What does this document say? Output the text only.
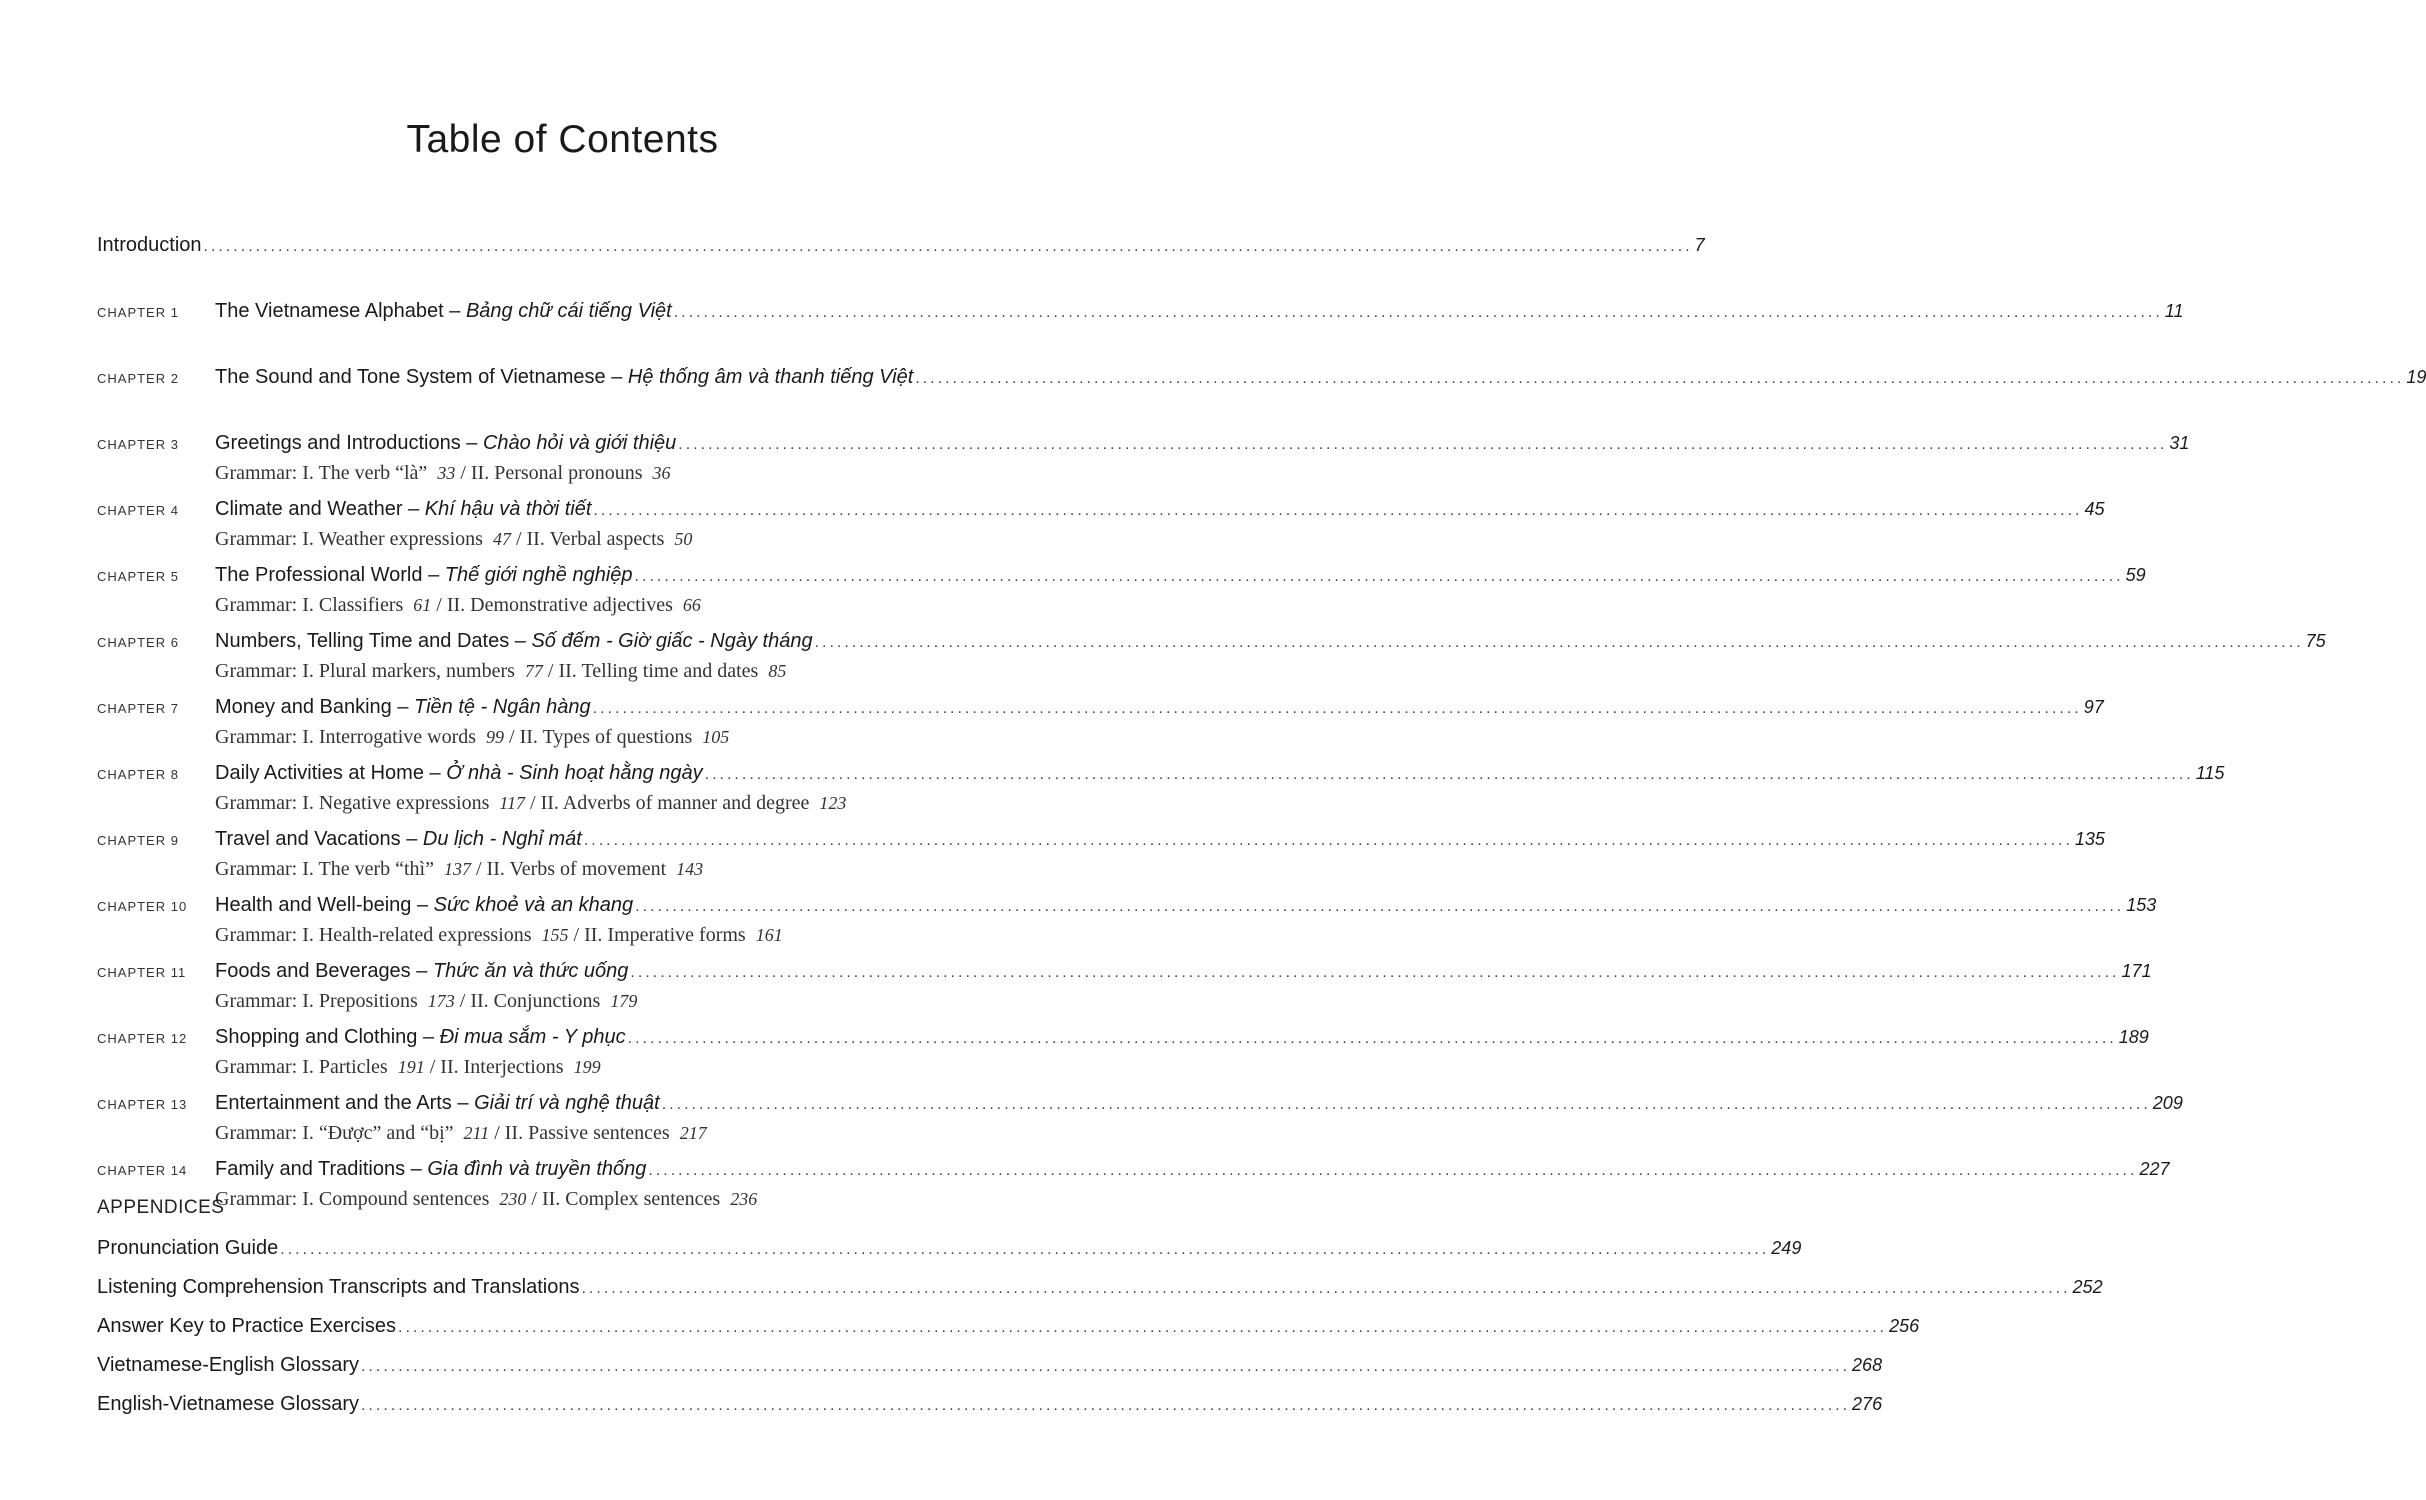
Table of Contents
Introduction ........................................................................................................................................................................................................ 7
CHAPTER 1	The Vietnamese Alphabet – Bảng chữ cái tiếng Việt ........................................................................................................................................................................................................ 11
CHAPTER 2	The Sound and Tone System of Vietnamese – Hệ thống âm và thanh tiếng Việt ........................................................................................................................................................................................................ 19
CHAPTER 3	Greetings and Introductions – Chào hỏi và giới thiệu ........................................................................................................................................................................................................ 31
Grammar: I. The verb “là” 33 / II. Personal pronouns 36
CHAPTER 4	Climate and Weather – Khí hậu và thời tiết ........................................................................................................................................................................................................ 45
Grammar: I. Weather expressions 47 / II. Verbal aspects 50
CHAPTER 5	The Professional World – Thế giới nghề nghiệp ........................................................................................................................................................................................................ 59
Grammar: I. Classifiers 61 / II. Demonstrative adjectives 66
CHAPTER 6	Numbers, Telling Time and Dates – Số đếm - Giờ giấc - Ngày tháng ........................................................................................................................................................................................................ 75
Grammar: I. Plural markers, numbers 77 / II. Telling time and dates 85
CHAPTER 7	Money and Banking – Tiền tệ - Ngân hàng ........................................................................................................................................................................................................ 97
Grammar: I. Interrogative words 99 / II. Types of questions 105
CHAPTER 8	Daily Activities at Home – Ở nhà - Sinh hoạt hằng ngày ........................................................................................................................................................................................................ 115
Grammar: I. Negative expressions 117 / II. Adverbs of manner and degree 123
CHAPTER 9	Travel and Vacations – Du lịch - Nghỉ mát ........................................................................................................................................................................................................ 135
Grammar: I. The verb “thì” 137 / II. Verbs of movement 143
CHAPTER 10	Health and Well-being – Sức khoẻ và an khang ........................................................................................................................................................................................................ 153
Grammar: I. Health-related expressions 155 / II. Imperative forms 161
CHAPTER 11	Foods and Beverages – Thức ăn và thức uống ........................................................................................................................................................................................................ 171
Grammar: I. Prepositions 173 / II. Conjunctions 179
CHAPTER 12	Shopping and Clothing – Đi mua sắm - Y phục ........................................................................................................................................................................................................ 189
Grammar: I. Particles 191 / II. Interjections 199
CHAPTER 13	Entertainment and the Arts – Giải trí và nghệ thuật ........................................................................................................................................................................................................ 209
Grammar: I. “Được” and “bị” 211 / II. Passive sentences 217
CHAPTER 14	Family and Traditions – Gia đình và truyền thống ........................................................................................................................................................................................................ 227
Grammar: I. Compound sentences 230 / II. Complex sentences 236
APPENDICES
Pronunciation Guide ........................................................................................................................................................................................................ 249
Listening Comprehension Transcripts and Translations ........................................................................................................................................................................................................ 252
Answer Key to Practice Exercises ........................................................................................................................................................................................................ 256
Vietnamese-English Glossary ........................................................................................................................................................................................................ 268
English-Vietnamese Glossary ........................................................................................................................................................................................................ 276
